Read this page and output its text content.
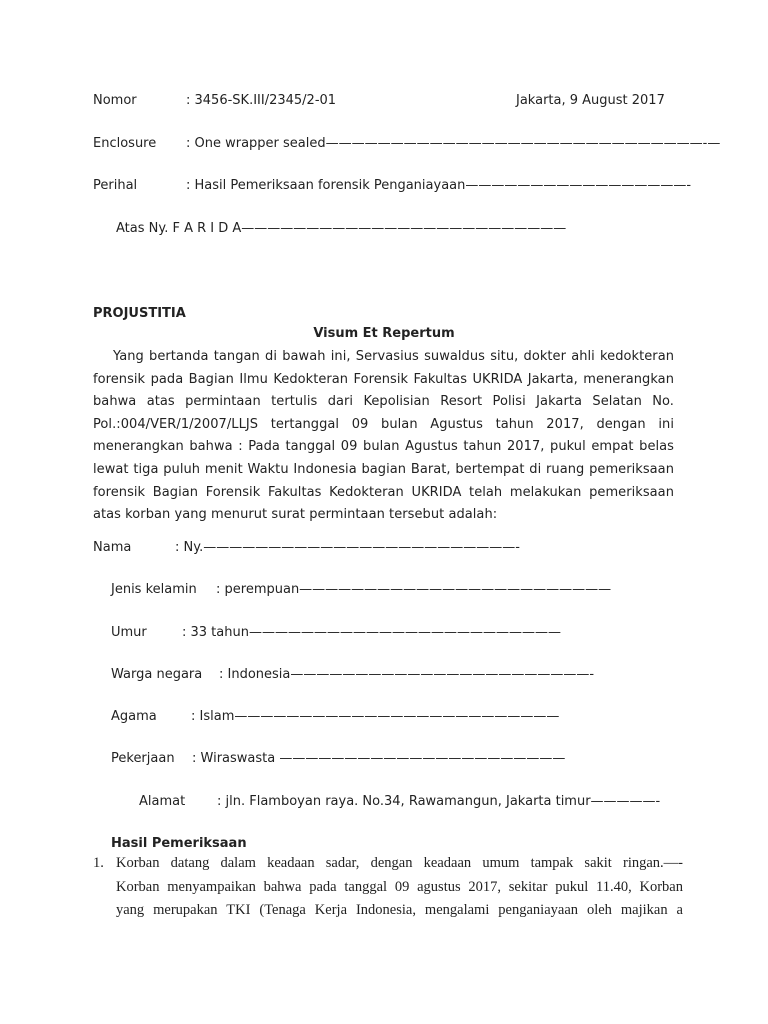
Nomor	: 3456-SK.III/2345/2-01	Jakarta, 9 August 2017
Enclosure : One wrapper sealed—————————————————————————————-—
Perihal	: Hasil Pemeriksaan forensik Penganiayaan—————————————————-
Atas Ny. F A R I D A—————————————————————————
PROJUSTITIA
Visum Et Repertum
Yang bertanda tangan di bawah ini, Servasius suwaldus situ, dokter ahli kedokteran
forensik pada Bagian Ilmu Kedokteran Forensik Fakultas UKRIDA Jakarta, menerangkan
bahwa atas permintaan tertulis dari Kepolisian Resort Polisi Jakarta Selatan No.
Pol.:004/VER/1/2007/LLJS tertanggal 09 bulan Agustus tahun 2017, dengan ini
menerangkan bahwa : Pada tanggal 09 bulan Agustus tahun 2017, pukul empat belas
lewat tiga puluh menit Waktu Indonesia bagian Barat, bertempat di ruang pemeriksaan
forensik Bagian Forensik Fakultas Kedokteran UKRIDA telah melakukan pemeriksaan
atas korban yang menurut surat permintaan tersebut adalah:
Nama	: Ny.————————————————————————-
Jenis kelamin : perempuan————————————————————————
Umur	: 33 tahun————————————————————————
Warga negara : Indonesia———————————————————————-
Agama	: Islam—————————————————————————
Pekerjaan : Wiraswasta ——————————————————————
Alamat : jln. Flamboyan raya. No.34, Rawamangun, Jakarta timur—————-
Hasil Pemeriksaan
1. Korban datang dalam keadaan sadar, dengan keadaan umum tampak sakit ringan.—-
Korban menyampaikan bahwa pada tanggal 09 agustus 2017, sekitar pukul 11.40, Korban
yang merupakan TKI (Tenaga Kerja Indonesia, mengalami penganiayaan oleh majikan a
